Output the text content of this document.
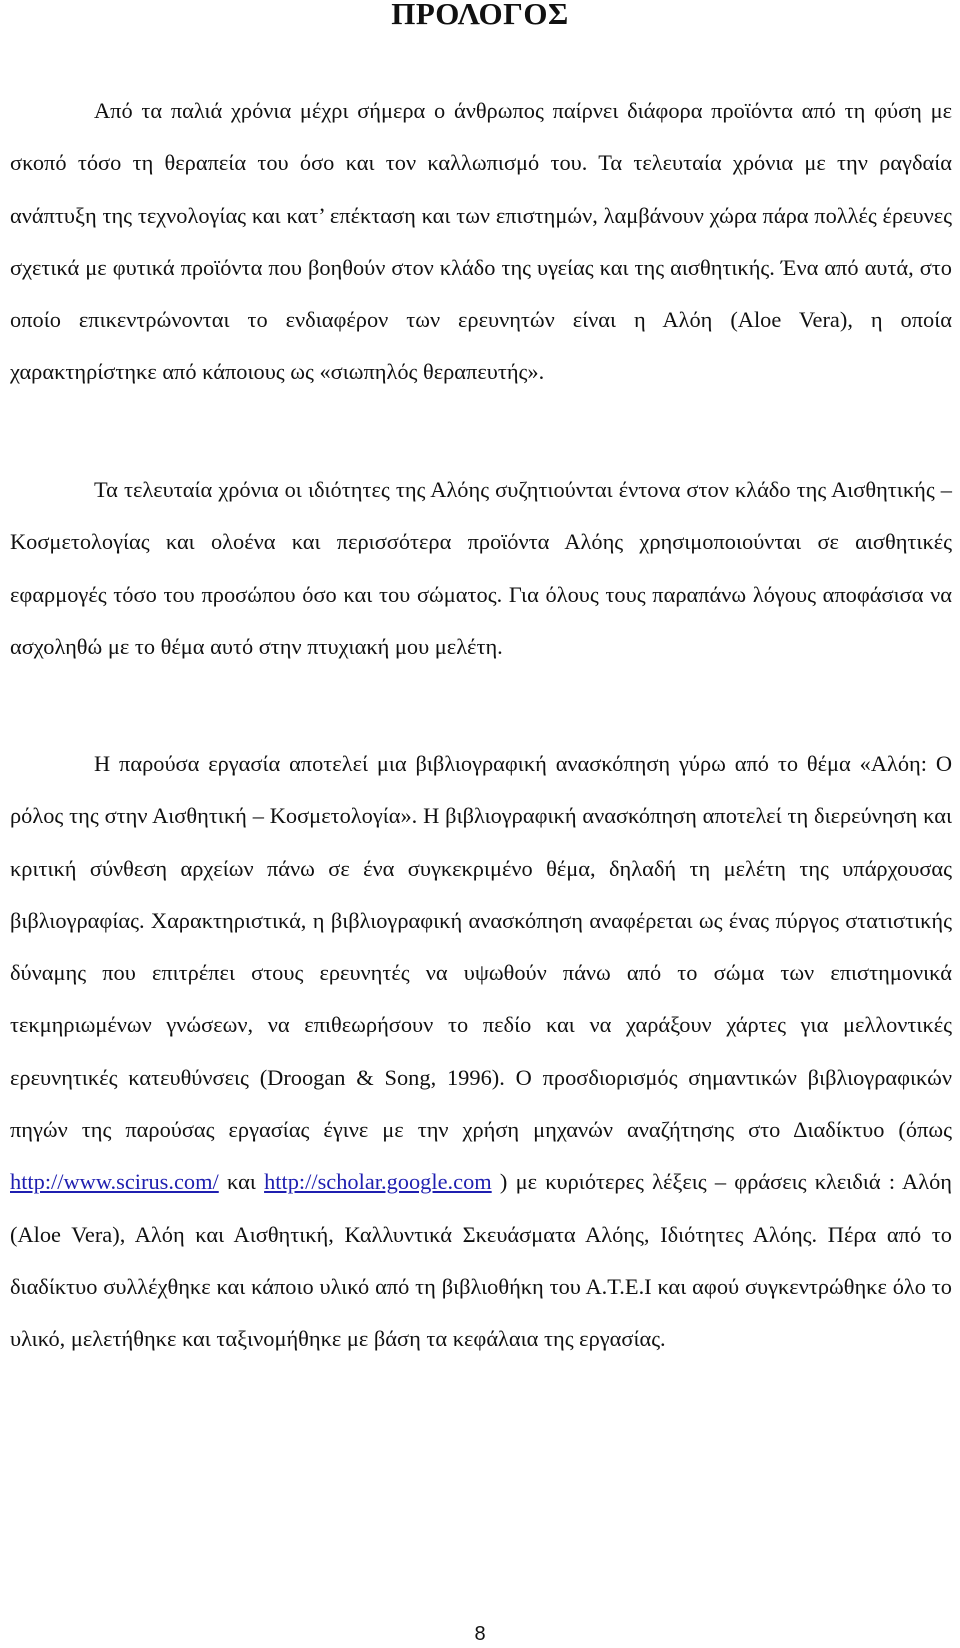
ΠΡΟΛΟΓΟΣ

Από τα παλιά χρόνια μέχρι σήμερα ο άνθρωπος παίρνει διάφορα προϊόντα από τη φύση με σκοπό τόσο τη θεραπεία του όσο και τον καλλωπισμό του. Τα τελευταία χρόνια με την ραγδαία ανάπτυξη της τεχνολογίας και κατ’ επέκταση και των επιστημών, λαμβάνουν χώρα πάρα πολλές έρευνες σχετικά με φυτικά προϊόντα που βοηθούν στον κλάδο της υγείας και της αισθητικής. Ένα από αυτά, στο οποίο επικεντρώνονται το ενδιαφέρον των ερευνητών είναι η Αλόη (Aloe Vera), η οποία χαρακτηρίστηκε από κάποιους ως «σιωπηλός θεραπευτής».

Τα τελευταία χρόνια οι ιδιότητες της Αλόης συζητιούνται έντονα στον κλάδο της Αισθητικής – Κοσμετολογίας και ολοένα και περισσότερα προϊόντα Αλόης χρησιμοποιούνται σε αισθητικές εφαρμογές τόσο του προσώπου όσο και του σώματος. Για όλους τους παραπάνω λόγους αποφάσισα να ασχοληθώ με το θέμα αυτό στην πτυχιακή μου μελέτη.

Η παρούσα εργασία αποτελεί μια βιβλιογραφική ανασκόπηση γύρω από το θέμα «Αλόη: Ο ρόλος της στην Αισθητική – Κοσμετολογία». Η βιβλιογραφική ανασκόπηση αποτελεί τη διερεύνηση και κριτική σύνθεση αρχείων πάνω σε ένα συγκεκριμένο θέμα, δηλαδή τη μελέτη της υπάρχουσας βιβλιογραφίας. Χαρακτηριστικά, η βιβλιογραφική ανασκόπηση αναφέρεται ως ένας πύργος στατιστικής δύναμης που επιτρέπει στους ερευνητές να υψωθούν πάνω από το σώμα των επιστημονικά τεκμηριωμένων γνώσεων, να επιθεωρήσουν το πεδίο και να χαράξουν χάρτες για μελλοντικές ερευνητικές κατευθύνσεις (Droogan & Song, 1996). Ο προσδιορισμός σημαντικών βιβλιογραφικών πηγών της παρούσας εργασίας έγινε με την χρήση μηχανών αναζήτησης στο Διαδίκτυο (όπως http://www.scirus.com/ και http://scholar.google.com ) με κυριότερες λέξεις – φράσεις κλειδιά : Αλόη (Aloe Vera), Αλόη και Αισθητική, Καλλυντικά Σκευάσματα Αλόης, Ιδιότητες Αλόης. Πέρα από το διαδίκτυο συλλέχθηκε και κάποιο υλικό από τη βιβλιοθήκη του Α.Τ.Ε.Ι και αφού συγκεντρώθηκε όλο το υλικό, μελετήθηκε και ταξινομήθηκε με βάση τα κεφάλαια της εργασίας.

8
